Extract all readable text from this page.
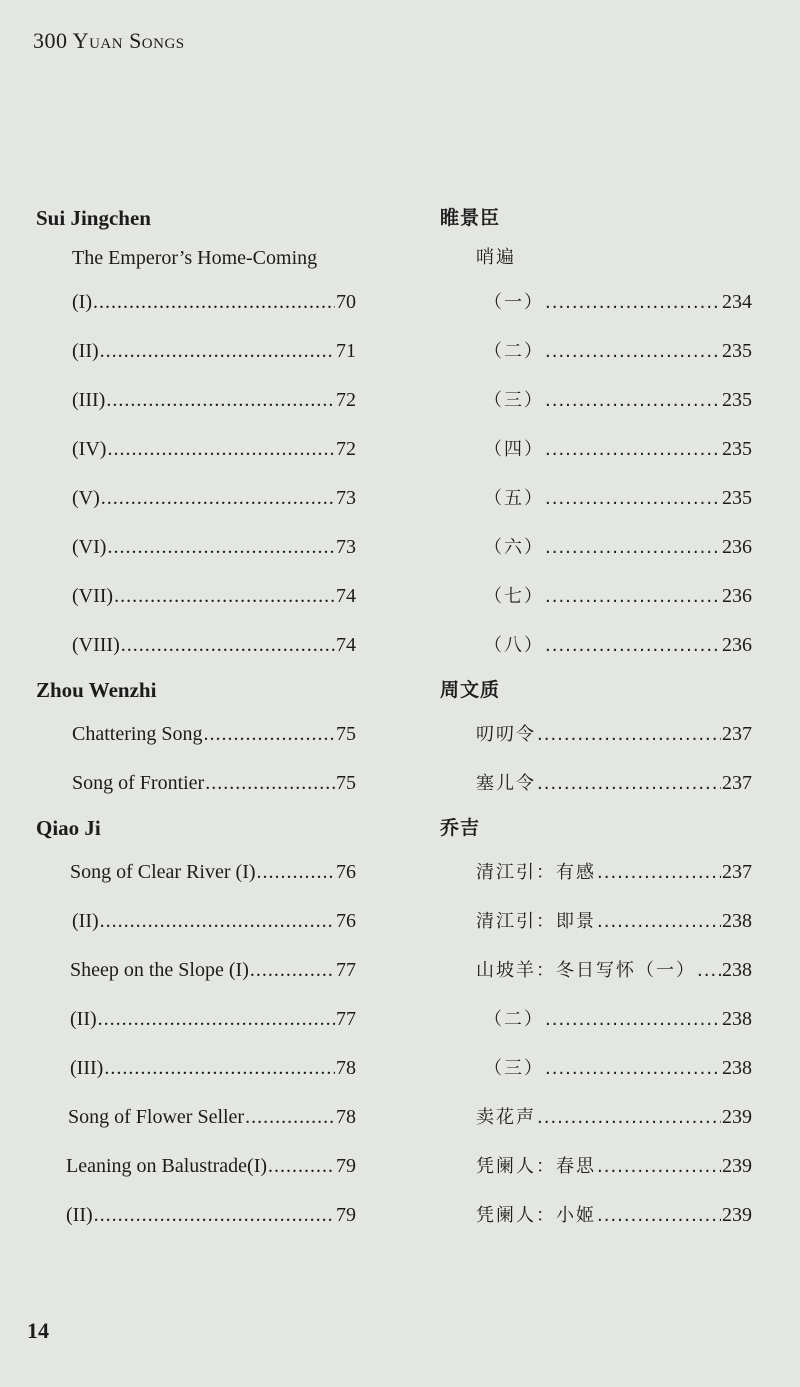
300 Yuan Songs
Sui Jingchen
The Emperor’s Home-Coming
(I) .....	70
(II) .....	71
(III) .....	72
(IV) .....	72
(V) .....	73
(VI) .....	73
(VII) .....	74
(VIII) .....	74
Zhou Wenzhi
Chattering Song .....	75
Song of Frontier .....	75
Qiao Ji
Song of Clear River (I) .....	76
(II) .....	76
Sheep on the Slope (I) .....	77
(II) .....	77
(III) .....	78
Song of Flower Seller .....	78
Leaning on Balustrade(I) .....	79
(II) .....	79
睢景臣
哨遍
（一） .....	234
（二） .....	235
（三） .....	235
（四） .....	235
（五） .....	235
（六） .....	236
（七） .....	236
（八） .....	236
周文质
叨叨令 .....	237
塞儿令 .....	237
乔吉
清江引：有感 .....	237
清江引：即景 .....	238
山坡羊：冬日写怀（一） ..... 238
（二） .....	238
（三） .....	238
卖花声 .....	239
凭阑人：春思 .....	239
凭阑人：小姬 .....	239
14
